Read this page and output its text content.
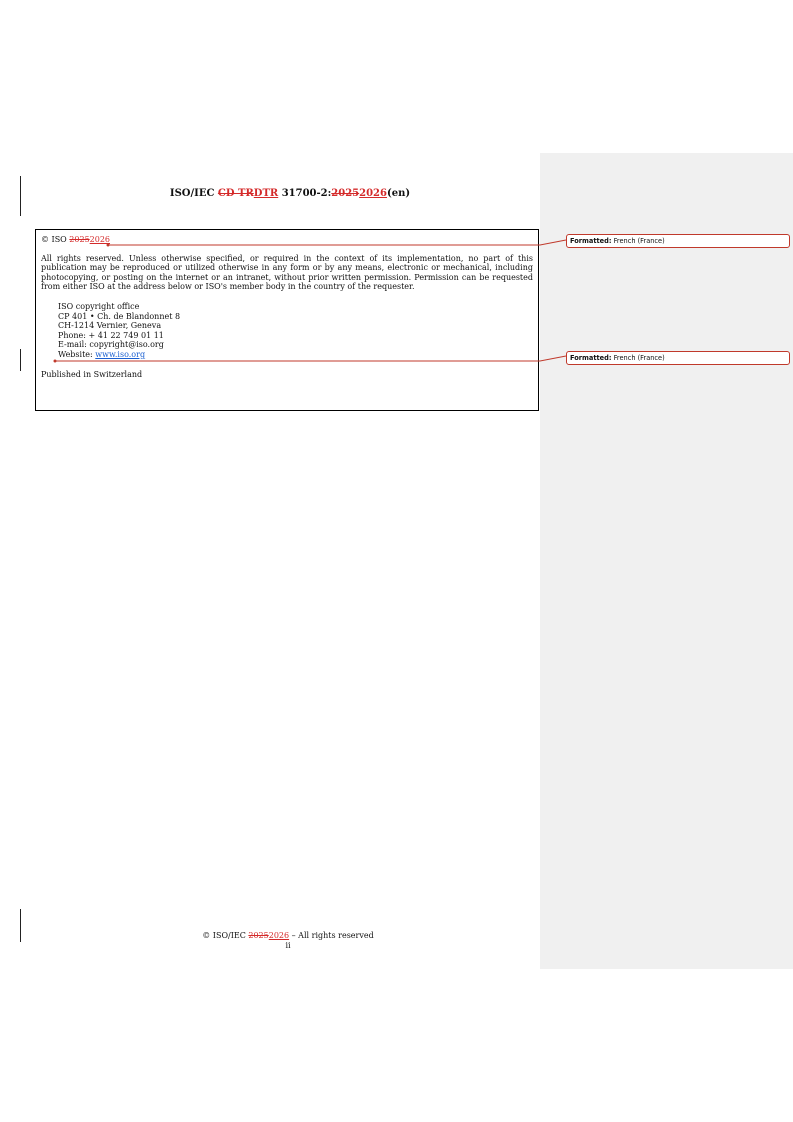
ISO/IEC CD TRDTR 31700-2:20252026(en)
© ISO 20252026
All rights reserved. Unless otherwise specified, or required in the context of its implementation, no part of this publication may be reproduced or utilized otherwise in any form or by any means, electronic or mechanical, including photocopying, or posting on the internet or an intranet, without prior written permission. Permission can be requested from either ISO at the address below or ISO's member body in the country of the requester.
ISO copyright office
CP 401 • Ch. de Blandonnet 8
CH-1214 Vernier, Geneva
Phone: + 41 22 749 01 11
E-mail: copyright@iso.org
Website: www.iso.org
Published in Switzerland
Formatted: French (France)
Formatted: French (France)
© ISO/IEC 20252026 – All rights reserved
ii
